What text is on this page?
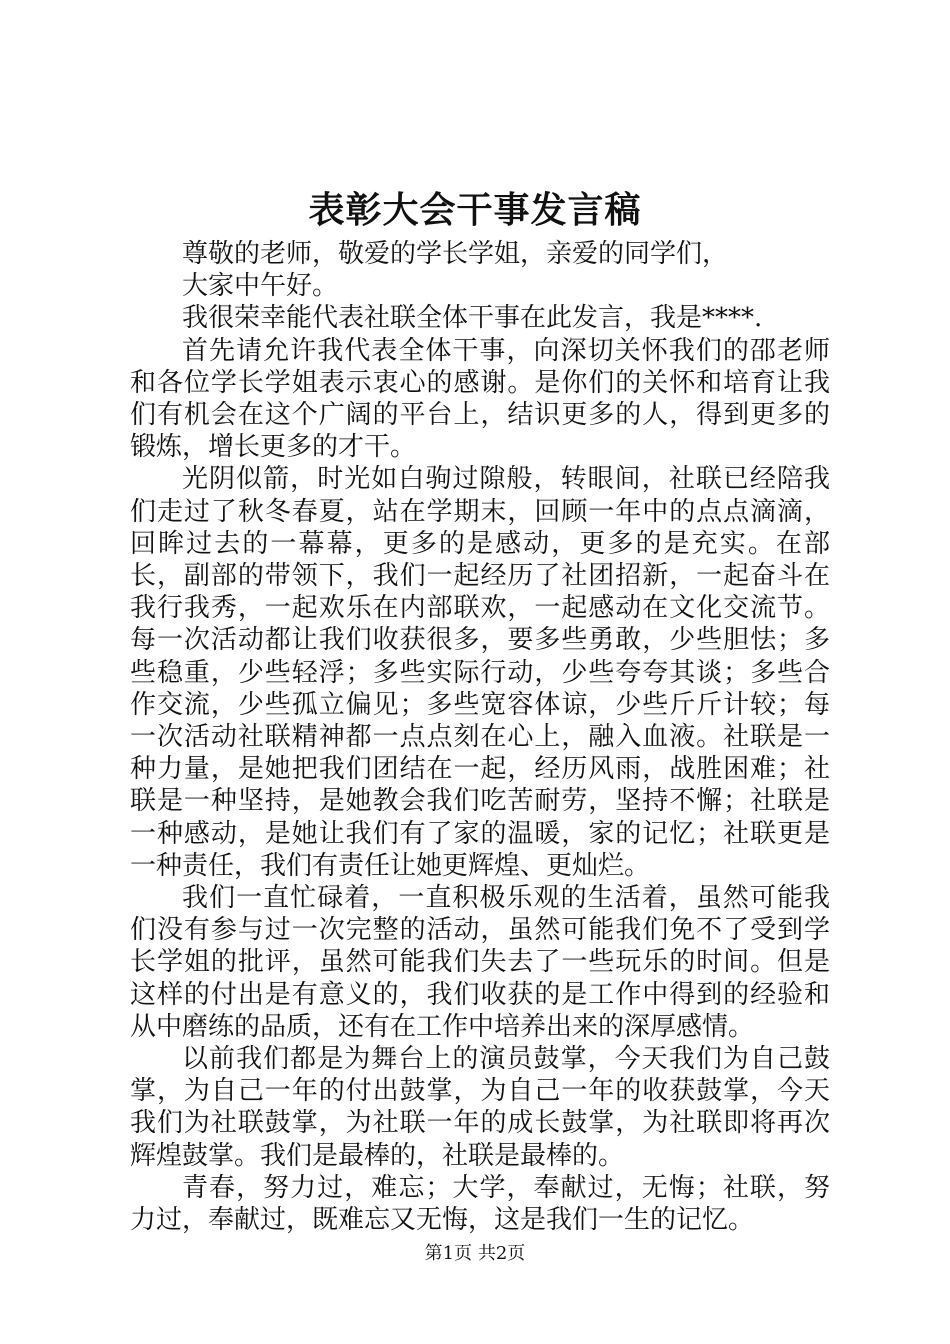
表彰大会干事发言稿

尊敬的老师，敬爱的学长学姐，亲爱的同学们，

大家中午好。

我很荣幸能代表社联全体干事在此发言，我是****.

首先请允许我代表全体干事，向深切关怀我们的邵老师和各位学长学姐表示衷心的感谢。是你们的关怀和培育让我们有机会在这个广阔的平台上，结识更多的人，得到更多的锻炼，增长更多的才干。

光阴似箭，时光如白驹过隙般，转眼间，社联已经陪我们走过了秋冬春夏，站在学期末，回顾一年中的点点滴滴，回眸过去的一幕幕，更多的是感动，更多的是充实。在部长，副部的带领下，我们一起经历了社团招新，一起奋斗在我行我秀，一起欢乐在内部联欢，一起感动在文化交流节。每一次活动都让我们收获很多，要多些勇敢，少些胆怯；多些稳重，少些轻浮；多些实际行动，少些夸夸其谈；多些合作交流，少些孤立偏见；多些宽容体谅，少些斤斤计较；每一次活动社联精神都一点点刻在心上，融入血液。社联是一种力量，是她把我们团结在一起，经历风雨，战胜困难；社联是一种坚持，是她教会我们吃苦耐劳，坚持不懈；社联是一种感动，是她让我们有了家的温暖，家的记忆；社联更是一种责任，我们有责任让她更辉煌、更灿烂。

我们一直忙碌着，一直积极乐观的生活着，虽然可能我们没有参与过一次完整的活动，虽然可能我们免不了受到学长学姐的批评，虽然可能我们失去了一些玩乐的时间。但是这样的付出是有意义的，我们收获的是工作中得到的经验和从中磨练的品质，还有在工作中培养出来的深厚感情。

以前我们都是为舞台上的演员鼓掌，今天我们为自己鼓掌，为自己一年的付出鼓掌，为自己一年的收获鼓掌，今天我们为社联鼓掌，为社联一年的成长鼓掌，为社联即将再次辉煌鼓掌。我们是最棒的，社联是最棒的。

青春，努力过，难忘；大学，奉献过，无悔；社联，努力过，奉献过，既难忘又无悔，这是我们一生的记忆。

第1页 共2页
